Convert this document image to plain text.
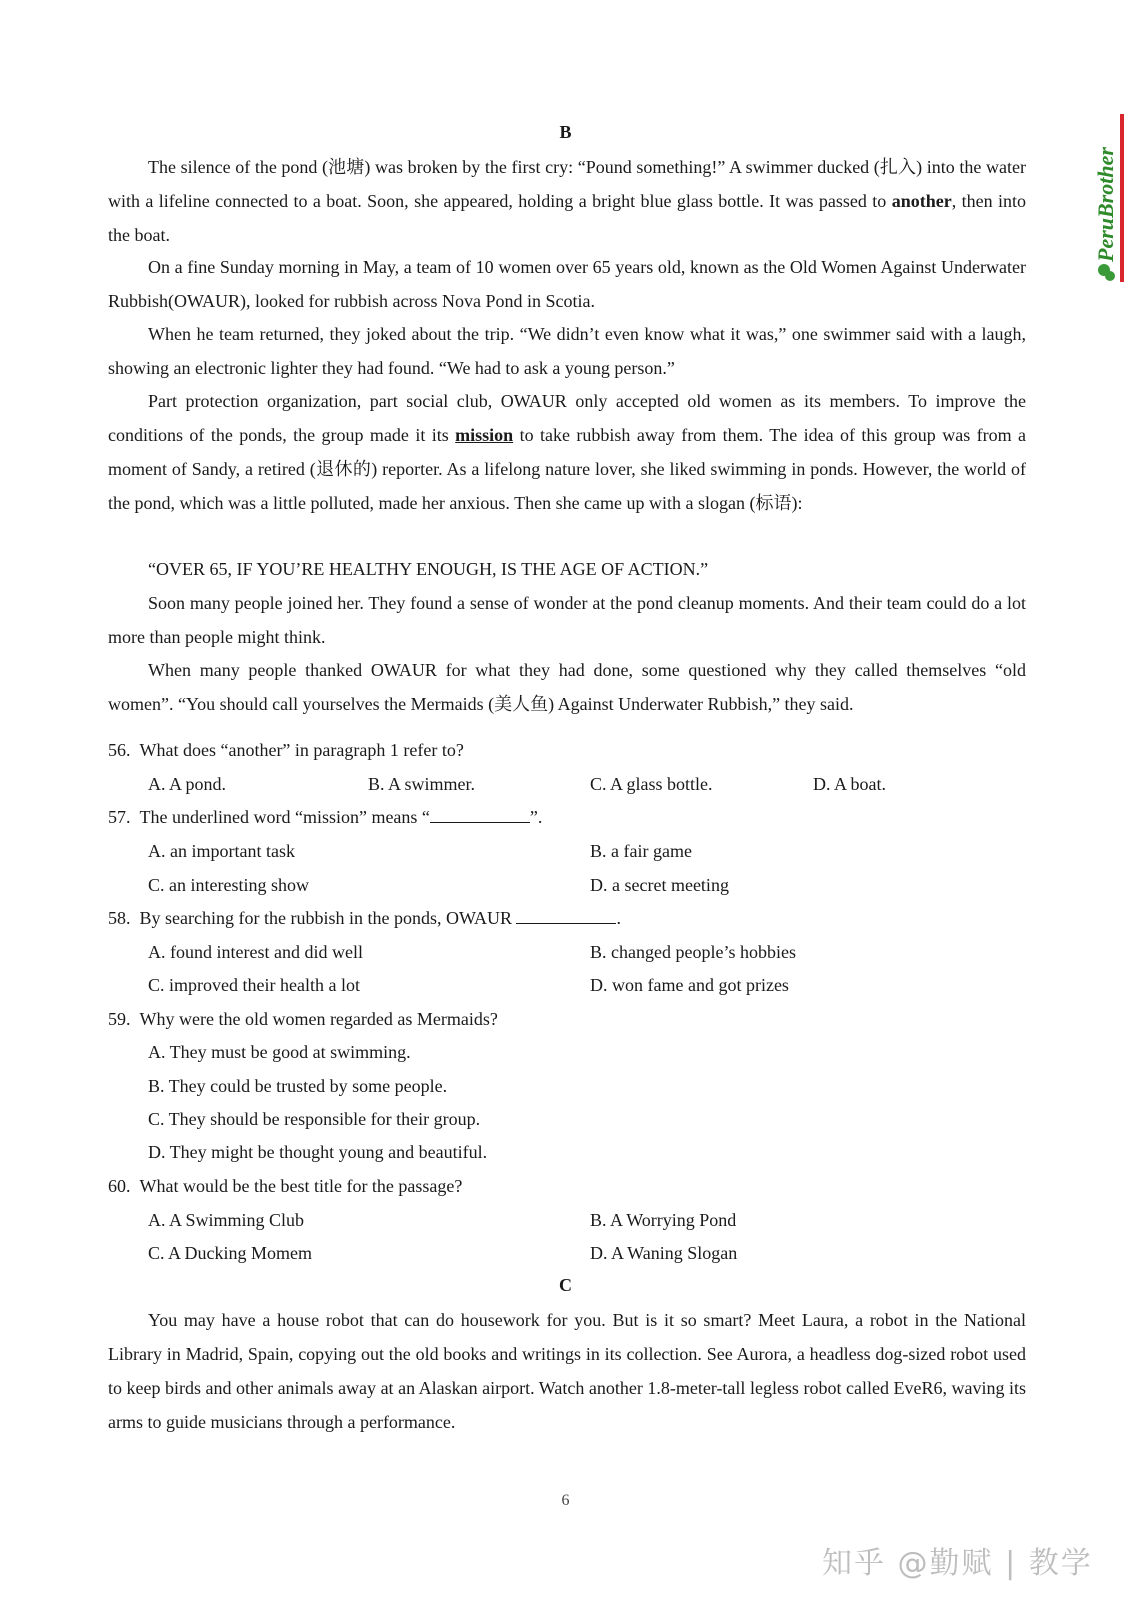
PeruBrother
B
The silence of the pond (池塘) was broken by the first cry: “Pound something!” A swimmer ducked (扎入) into the water with a lifeline connected to a boat. Soon, she appeared, holding a bright blue glass bottle. It was passed to another, then into the boat.
On a fine Sunday morning in May, a team of 10 women over 65 years old, known as the Old Women Against Underwater Rubbish(OWAUR), looked for rubbish across Nova Pond in Scotia.
When he team returned, they joked about the trip. “We didn’t even know what it was,” one swimmer said with a laugh, showing an electronic lighter they had found. “We had to ask a young person.”
Part protection organization, part social club, OWAUR only accepted old women as its members. To improve the conditions of the ponds, the group made it its mission to take rubbish away from them. The idea of this group was from a moment of Sandy, a retired (退休的) reporter. As a lifelong nature lover, she liked swimming in ponds. However, the world of the pond, which was a little polluted, made her anxious. Then she came up with a slogan (标语):
“OVER 65, IF YOU’RE HEALTHY ENOUGH, IS THE AGE OF ACTION.”
Soon many people joined her. They found a sense of wonder at the pond cleanup moments. And their team could do a lot more than people might think.
When many people thanked OWAUR for what they had done, some questioned why they called themselves “old women”. “You should call yourselves the Mermaids (美人鱼) Against Underwater Rubbish,” they said.
56. What does “another” in paragraph 1 refer to?
A. A pond.	B. A swimmer.	C. A glass bottle.	D. A boat.
57. The underlined word “mission” means “	”.
A. an important task	B. a fair game
C. an interesting show	D. a secret meeting
58. By searching for the rubbish in the ponds, OWAUR	.
A. found interest and did well	B. changed people’s hobbies
C. improved their health a lot	D. won fame and got prizes
59. Why were the old women regarded as Mermaids?
A. They must be good at swimming.
B. They could be trusted by some people.
C. They should be responsible for their group.
D. They might be thought young and beautiful.
60. What would be the best title for the passage?
A. A Swimming Club	B. A Worrying Pond
C. A Ducking Momem	D. A Waning Slogan
C
You may have a house robot that can do housework for you. But is it so smart? Meet Laura, a robot in the National Library in Madrid, Spain, copying out the old books and writings in its collection. See Aurora, a headless dog-sized robot used to keep birds and other animals away at an Alaskan airport. Watch another 1.8-meter-tall legless robot called EveR6, waving its arms to guide musicians through a performance.
6
知乎 @勤赋 | 教学
